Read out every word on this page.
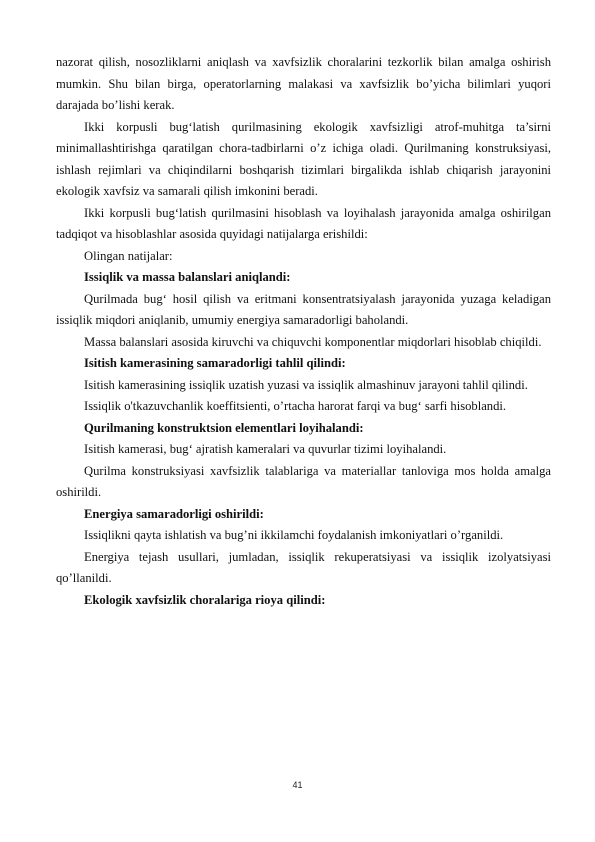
nazorat qilish, nosozliklarni aniqlash va xavfsizlik choralarini tezkorlik bilan amalga oshirish mumkin. Shu bilan birga, operatorlarning malakasi va xavfsizlik bo’yicha bilimlari yuqori darajada bo’lishi kerak.

Ikki korpusli bug‘latish qurilmasining ekologik xavfsizligi atrof-muhitga ta’sirni minimallashtirishga qaratilgan chora-tadbirlarni o’z ichiga oladi. Qurilmaning konstruksiyasi, ishlash rejimlari va chiqindilarni boshqarish tizimlari birgalikda ishlab chiqarish jarayonini ekologik xavfsiz va samarali qilish imkonini beradi.

Ikki korpusli bug‘latish qurilmasini hisoblash va loyihalash jarayonida amalga oshirilgan tadqiqot va hisoblashlar asosida quyidagi natijalarga erishildi:

Olingan natijalar:

Issiqlik va massa balanslari aniqlandi:

Qurilmada bug‘ hosil qilish va eritmani konsentratsiyalash jarayonida yuzaga keladigan issiqlik miqdori aniqlanib, umumiy energiya samaradorligi baholandi.

Massa balanslari asosida kiruvchi va chiquvchi komponentlar miqdorlari hisoblab chiqildi.

Isitish kamerasining samaradorligi tahlil qilindi:

Isitish kamerasining issiqlik uzatish yuzasi va issiqlik almashinuv jarayoni tahlil qilindi.

Issiqlik o'tkazuvchanlik koeffitsienti, o’rtacha harorat farqi va bug‘ sarfi hisoblandi.

Qurilmaning konstruktsion elementlari loyihalandi:

Isitish kamerasi, bug‘ ajratish kameralari va quvurlar tizimi loyihalandi.

Qurilma konstruksiyasi xavfsizlik talablariga va materiallar tanloviga mos holda amalga oshirildi.

Energiya samaradorligi oshirildi:

Issiqlikni qayta ishlatish va bug’ni ikkilamchi foydalanish imkoniyatlari o’rganildi.

Energiya tejash usullari, jumladan, issiqlik rekuperatsiyasi va issiqlik izolyatsiyasi qo’llanildi.

Ekologik xavfsizlik choralariga rioya qilindi:

41
